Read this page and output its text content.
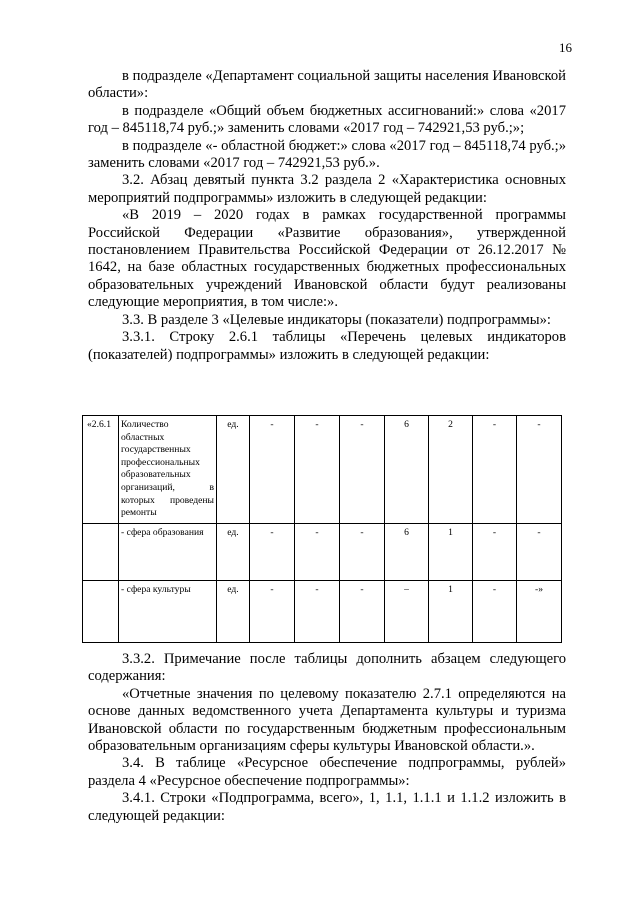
16

в подразделе «Департамент социальной защиты населения Ивановской области»:

в подразделе «Общий объем бюджетных ассигнований:» слова «2017 год – 845118,74 руб.;» заменить словами «2017 год – 742921,53 руб.;»;

в подразделе «- областной бюджет:» слова «2017 год – 845118,74 руб.;» заменить словами «2017 год – 742921,53 руб.».

3.2. Абзац девятый пункта 3.2 раздела 2 «Характеристика основных мероприятий подпрограммы» изложить в следующей редакции:

«В 2019 – 2020 годах в рамках государственной программы Российской Федерации «Развитие образования», утвержденной постановлением Правительства Российской Федерации от 26.12.2017 № 1642, на базе областных государственных бюджетных профессиональных образовательных учреждений Ивановской области будут реализованы следующие мероприятия, в том числе:».

3.3. В разделе 3 «Целевые индикаторы (показатели) подпрограммы»:

3.3.1. Строку 2.6.1 таблицы «Перечень целевых индикаторов (показателей) подпрограммы» изложить в следующей редакции:

«2.6.1	Количество областных государственных профессиональных образовательных организаций, в которых проведены ремонты	ед.	-	-	-	6	2	-	-
	- сфера образования	ед.	-	-	-	6	1	-	-
	- сфера культуры	ед.	-	-	-	–	1	-	-»

3.3.2. Примечание после таблицы дополнить абзацем следующего содержания:

«Отчетные значения по целевому показателю 2.7.1 определяются на основе данных ведомственного учета Департамента культуры и туризма Ивановской области по государственным бюджетным профессиональным образовательным организациям сферы культуры Ивановской области.».

3.4. В таблице «Ресурсное обеспечение подпрограммы, рублей» раздела 4 «Ресурсное обеспечение подпрограммы»:

3.4.1. Строки «Подпрограмма, всего», 1, 1.1, 1.1.1 и 1.1.2 изложить в следующей редакции:
